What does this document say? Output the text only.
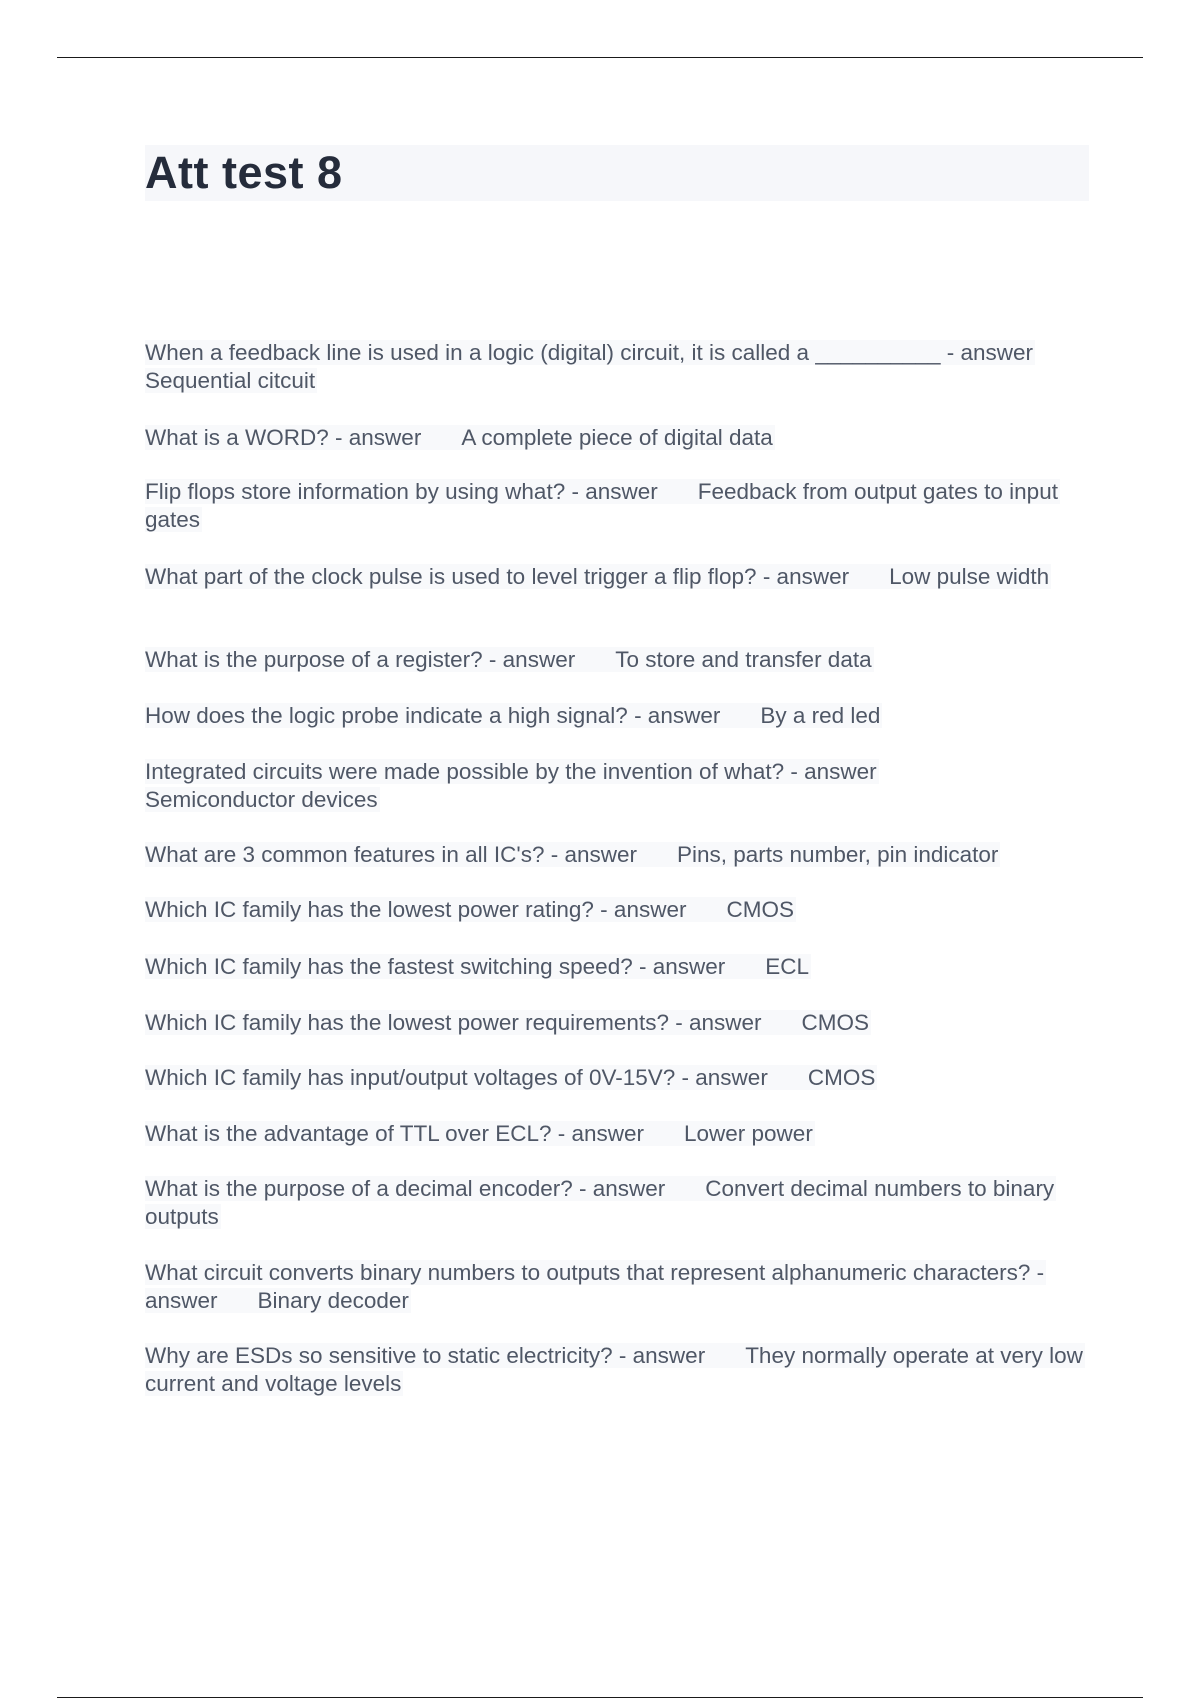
Att test 8

When a feedback line is used in a logic (digital) circuit, it is called a __________ - answer
Sequential citcuit

What is a WORD? - answer A complete piece of digital data

Flip flops store information by using what? - answer Feedback from output gates to input gates

What part of the clock pulse is used to level trigger a flip flop? - answer Low pulse width

What is the purpose of a register? - answer To store and transfer data

How does the logic probe indicate a high signal? - answer By a red led

Integrated circuits were made possible by the invention of what? - answer
Semiconductor devices

What are 3 common features in all IC's? - answer Pins, parts number, pin indicator

Which IC family has the lowest power rating? - answer CMOS

Which IC family has the fastest switching speed? - answer ECL

Which IC family has the lowest power requirements? - answer CMOS

Which IC family has input/output voltages of 0V-15V? - answer CMOS

What is the advantage of TTL over ECL? - answer Lower power

What is the purpose of a decimal encoder? - answer Convert decimal numbers to binary outputs

What circuit converts binary numbers to outputs that represent alphanumeric characters? - answer Binary decoder

Why are ESDs so sensitive to static electricity? - answer They normally operate at very low current and voltage levels
